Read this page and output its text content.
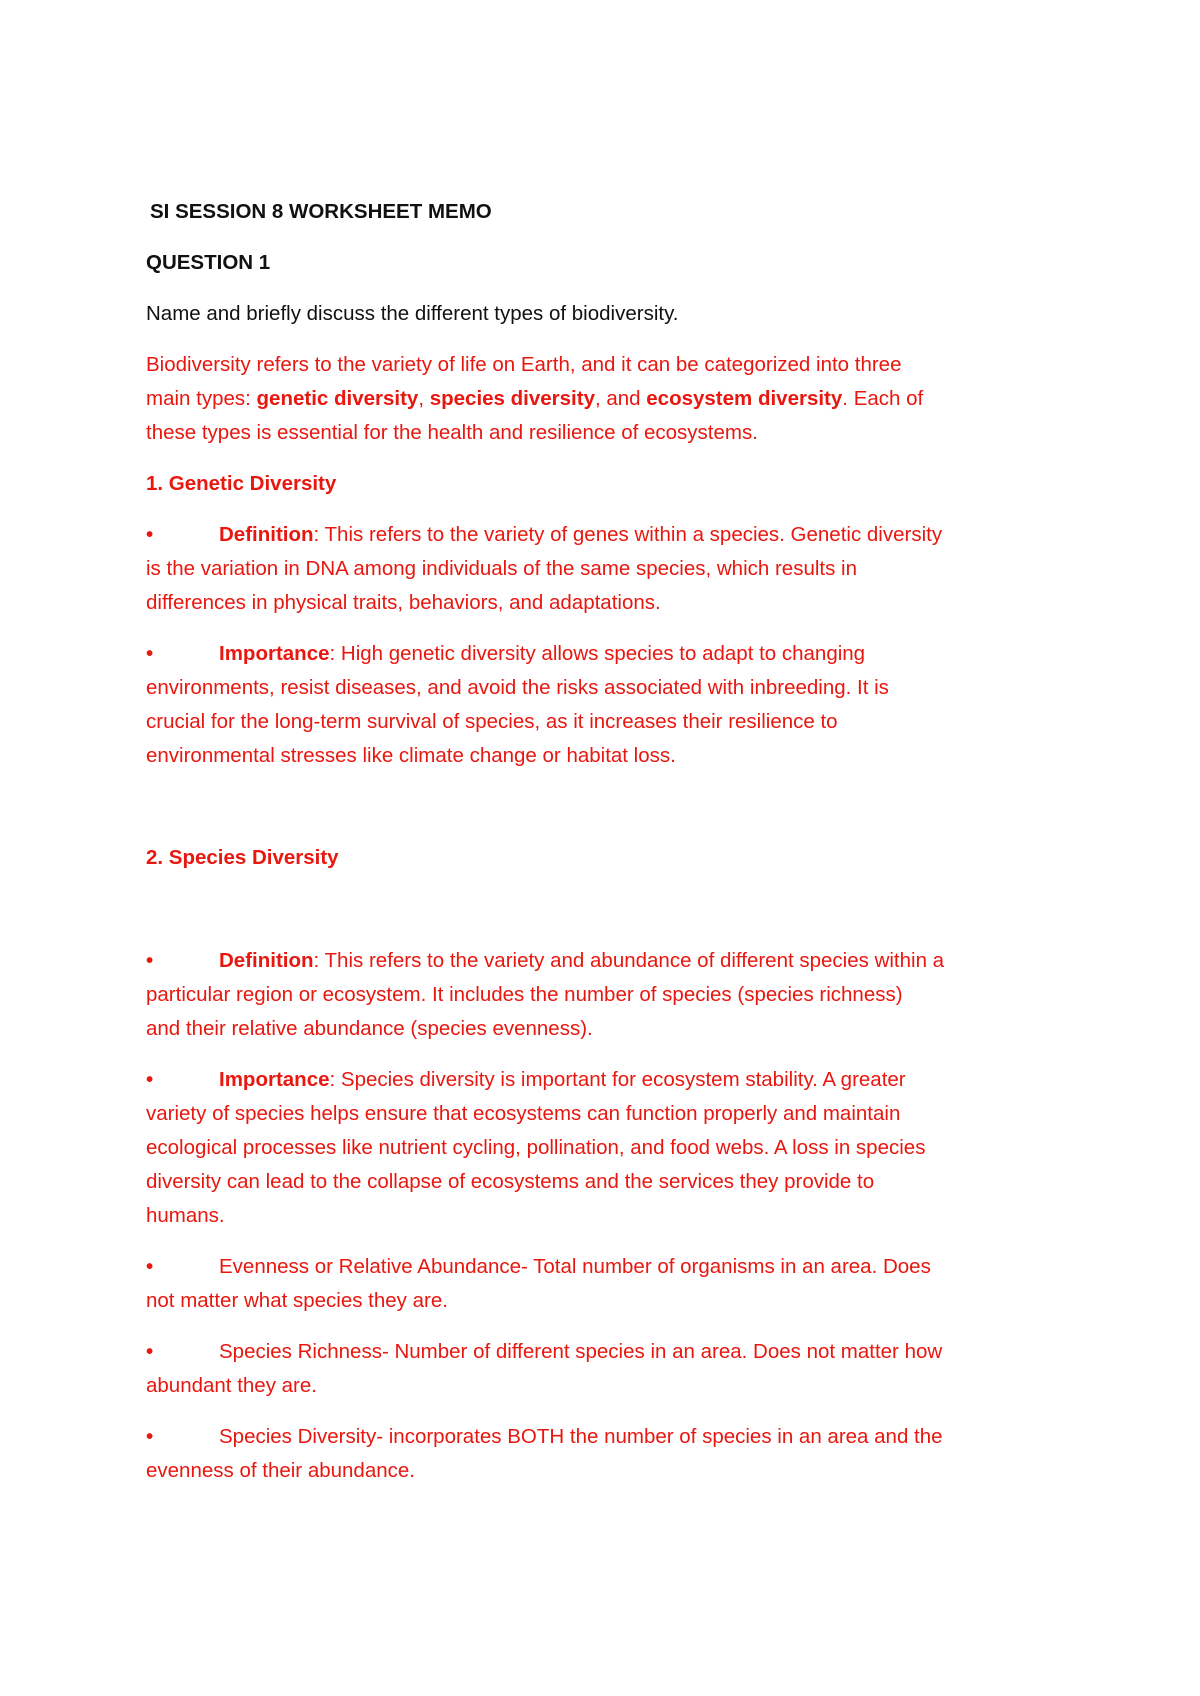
SI SESSION 8 WORKSHEET MEMO
QUESTION 1
Name and briefly discuss the different types of biodiversity.
Biodiversity refers to the variety of life on Earth, and it can be categorized into three
main types: genetic diversity, species diversity, and ecosystem diversity. Each of
these types is essential for the health and resilience of ecosystems.
1. Genetic Diversity
•	Definition: This refers to the variety of genes within a species. Genetic diversity
is the variation in DNA among individuals of the same species, which results in
differences in physical traits, behaviors, and adaptations.
•	Importance: High genetic diversity allows species to adapt to changing
environments, resist diseases, and avoid the risks associated with inbreeding. It is
crucial for the long-term survival of species, as it increases their resilience to
environmental stresses like climate change or habitat loss.
2. Species Diversity
•	Definition: This refers to the variety and abundance of different species within a
particular region or ecosystem. It includes the number of species (species richness)
and their relative abundance (species evenness).
•	Importance: Species diversity is important for ecosystem stability. A greater
variety of species helps ensure that ecosystems can function properly and maintain
ecological processes like nutrient cycling, pollination, and food webs. A loss in species
diversity can lead to the collapse of ecosystems and the services they provide to
humans.
•	Evenness or Relative Abundance- Total number of organisms in an area. Does
not matter what species they are.
•	Species Richness- Number of different species in an area. Does not matter how
abundant they are.
•	Species Diversity- incorporates BOTH the number of species in an area and the
evenness of their abundance.
